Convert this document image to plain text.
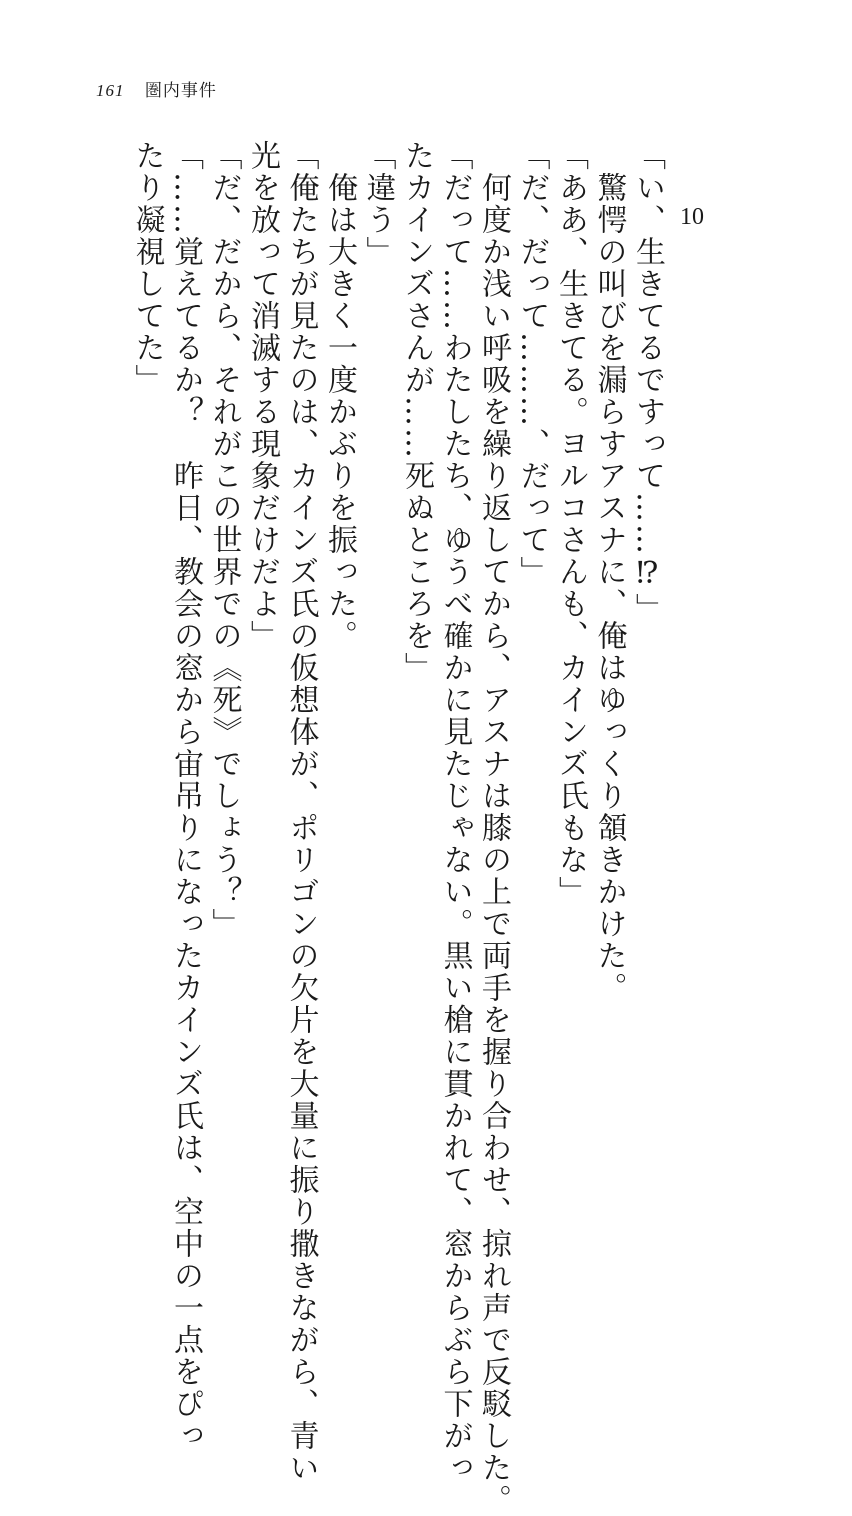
161 圏内事件
10
「い、生きてるですって……⁉」
　驚愕の叫びを漏らすアスナに、俺はゆっくり頷きかけた。
「ああ、生きてる。ヨルコさんも、カインズ氏もな」
「だ、だって………、だって」
　何度か浅い呼吸を繰り返してから、アスナは膝の上で両手を握り合わせ、掠れ声で反駁した。
「だって……わたしたち、ゆうべ確かに見たじゃない。黒い槍に貫かれて、窓からぶら下がっ
たカインズさんが……死ぬところを」
「違う」
　俺は大きく一度かぶりを振った。
「俺たちが見たのは、カインズ氏の仮想体が、ポリゴンの欠片を大量に振り撒きながら、青い
光を放って消滅する現象だけだよ」
「だ、だから、それがこの世界での《死》でしょう？」
「……覚えてるか？　昨日、教会の窓から宙吊りになったカインズ氏は、空中の一点をぴっ
たり凝視してた」
